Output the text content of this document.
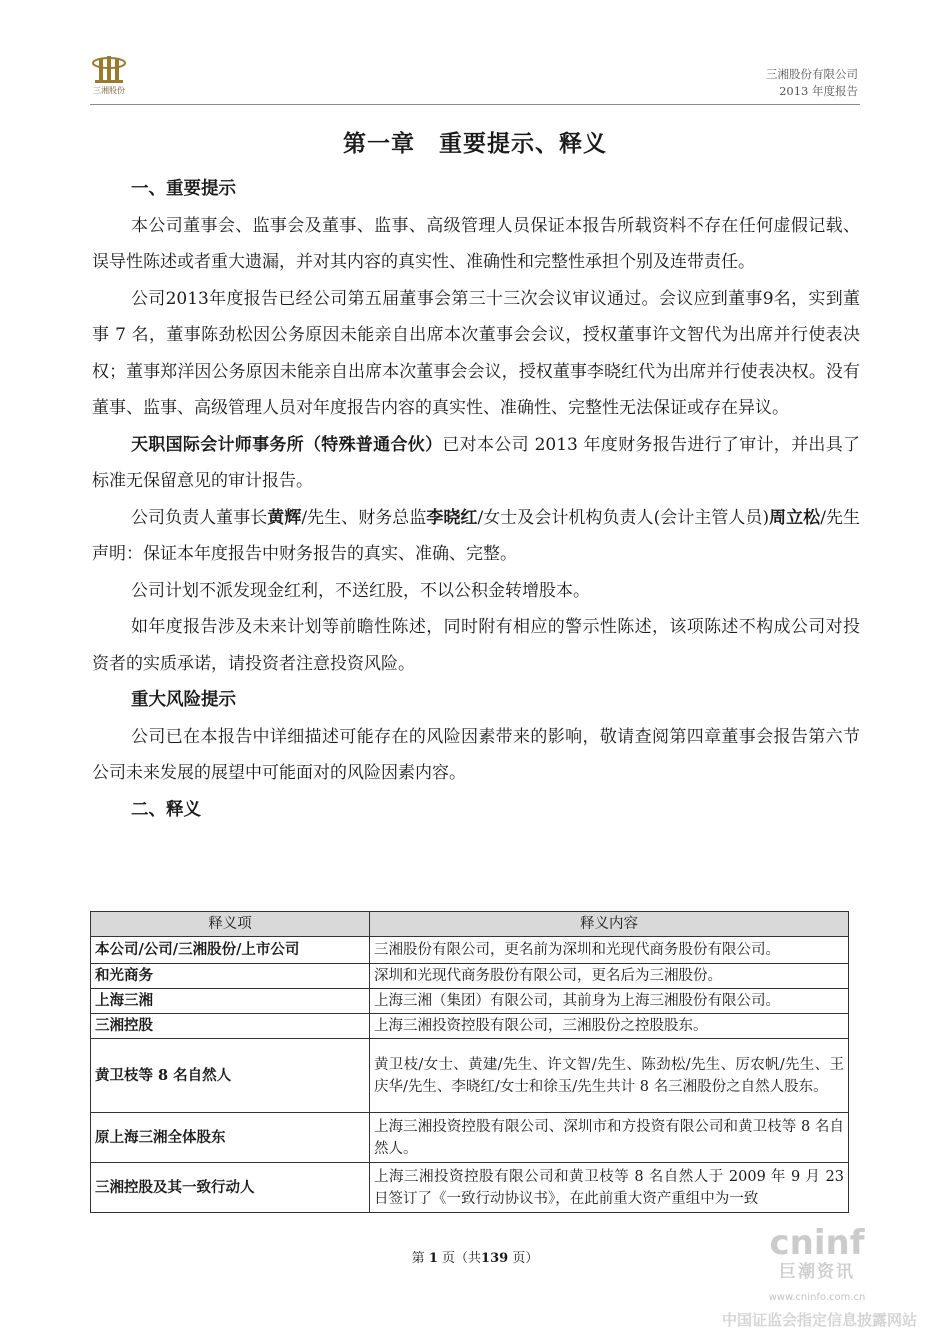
三湘股份
三湘股份有限公司
2013 年度报告
第一章 重要提示、释义
一、重要提示

本公司董事会、监事会及董事、监事、高级管理人员保证本报告所载资料不存在任何虚假记载、误导性陈述或者重大遗漏，并对其内容的真实性、准确性和完整性承担个别及连带责任。

公司2013年度报告已经公司第五届董事会第三十三次会议审议通过。会议应到董事9名，实到董事 7 名，董事陈劲松因公务原因未能亲自出席本次董事会会议，授权董事许文智代为出席并行使表决权；董事郑洋因公务原因未能亲自出席本次董事会会议，授权董事李晓红代为出席并行使表决权。没有董事、监事、高级管理人员对年度报告内容的真实性、准确性、完整性无法保证或存在异议。

天职国际会计师事务所（特殊普通合伙）已对本公司 2013 年度财务报告进行了审计，并出具了标准无保留意见的审计报告。

公司负责人董事长黄辉/先生、财务总监李晓红/女士及会计机构负责人(会计主管人员)周立松/先生声明：保证本年度报告中财务报告的真实、准确、完整。

公司计划不派发现金红利，不送红股，不以公积金转增股本。

如年度报告涉及未来计划等前瞻性陈述，同时附有相应的警示性陈述，该项陈述不构成公司对投资者的实质承诺，请投资者注意投资风险。

重大风险提示

公司已在本报告中详细描述可能存在的风险因素带来的影响，敬请查阅第四章董事会报告第六节公司未来发展的展望中可能面对的风险因素内容。

二、释义
释义项	释义内容
本公司/公司/三湘股份/上市公司	三湘股份有限公司，更名前为深圳和光现代商务股份有限公司。
和光商务	深圳和光现代商务股份有限公司，更名后为三湘股份。
上海三湘	上海三湘（集团）有限公司，其前身为上海三湘股份有限公司。
三湘控股	上海三湘投资控股有限公司，三湘股份之控股股东。
黄卫枝等 8 名自然人	黄卫枝/女士、黄建/先生、许文智/先生、陈劲松/先生、厉农帆/先生、王庆华/先生、李晓红/女士和徐玉/先生共计 8 名三湘股份之自然人股东。
原上海三湘全体股东	上海三湘投资控股有限公司、深圳市和方投资有限公司和黄卫枝等 8 名自然人。
三湘控股及其一致行动人	上海三湘投资控股有限公司和黄卫枝等 8 名自然人于 2009 年 9 月 23 日签订了《一致行动协议书》，在此前重大资产重组中为一致
第 1 页（共139 页）	cninf
巨潮资讯
www.cninfo.com.cn
中国证监会指定信息披露网站
